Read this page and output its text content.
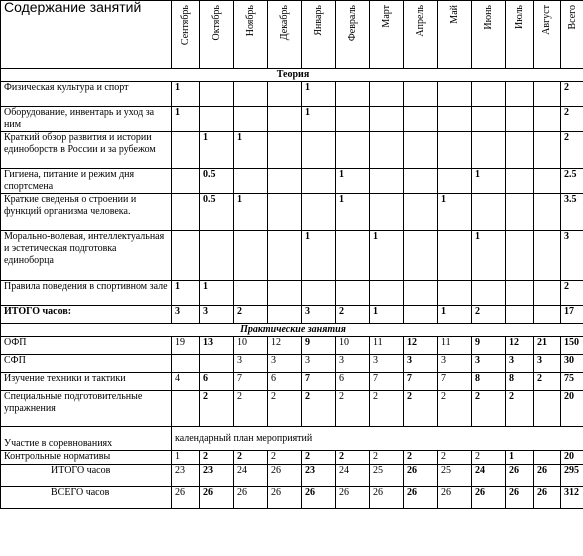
Содержание занятий	Сентябрь	Октябрь	Ноябрь	Декабрь	Январь	Февраль	Март	Апрель	Май	Июнь	Июль	Август	Всего
Теория													
Физическая культура и спорт	1				1								2
Оборудование, инвентарь и уход за ним	1				1								2
Краткий обзор развития и истории единоборств в России и за рубежом		1	1										2
Гигиена, питание и режим дня спортсмена		0.5				1				1			2.5
Краткие сведенья о строении и функций организма человека.		0.5	1			1			1				3.5
Морально-волевая, интеллектуальная и эстетическая подготовка единоборца					1		1			1			3
Правила поведения в спортивном зале	1	1											2
ИТОГО часов:	3	3	2		3	2	1		1	2			17
Практические занятия													
ОФП	19	13	10	12	9	10	11	12	11	9	12	21	150
СФП			3	3	3	3	3	3	3	3	3	3	30
Изучение техники и тактики	4	6	7	6	7	6	7	7	7	8	8	2	75
Специальные подготовительные упражнения		2	2	2	2	2	2	2	2	2	2		20
Участие в соревнованиях	календарный план мероприятий												
Контрольные нормативы	1	2	2	2	2	2	2	2	2	2	1		20
ИТОГО часов	23	23	24	26	23	24	25	26	25	24	26	26	295
ВСЕГО часов	26	26	26	26	26	26	26	26	26	26	26	26	312
